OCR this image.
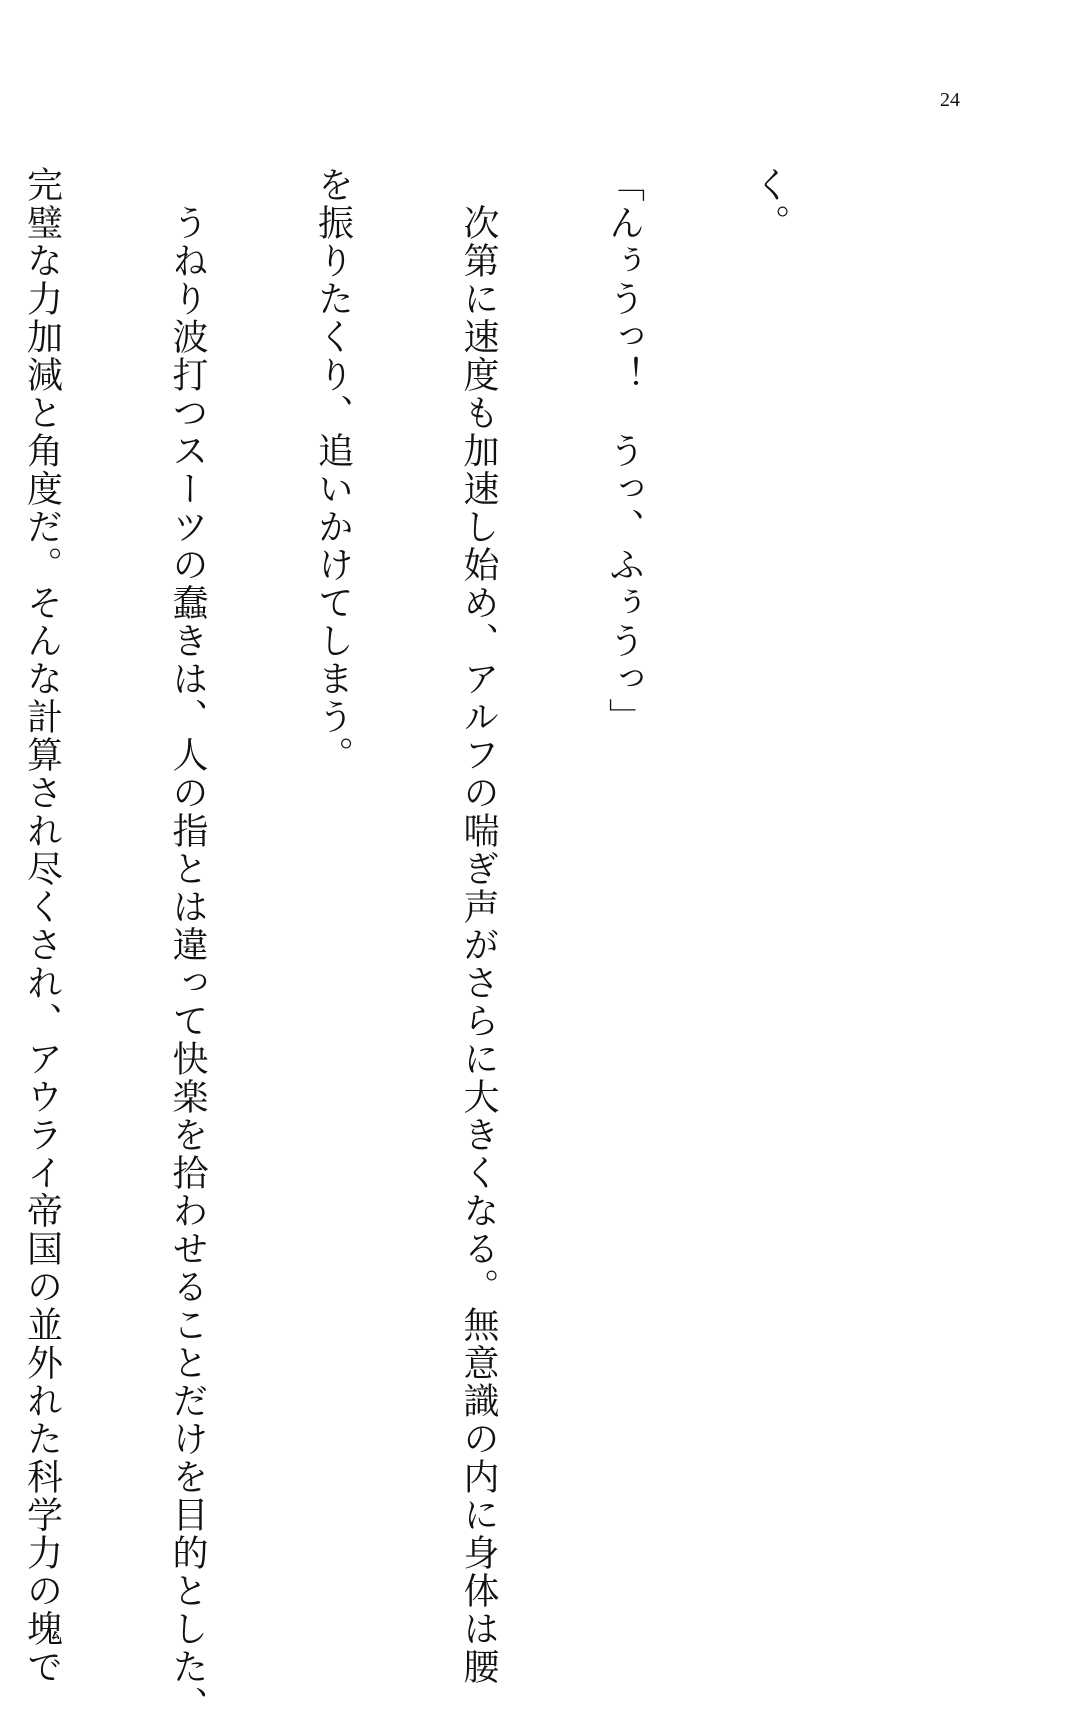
24

く。

「んぅうっ！　うっ、ふぅうっ」

　次第に速度も加速し始め、アルフの喘ぎ声がさらに大きくなる。無意識の内に身体は腰

を振りたくり、追いかけてしまう。

　うねり波打つスーツの蠢きは、人の指とは違って快楽を拾わせることだけを目的とした、

完璧な力加減と角度だ。そんな計算され尽くされ、アウライ帝国の並外れた科学力の塊で
